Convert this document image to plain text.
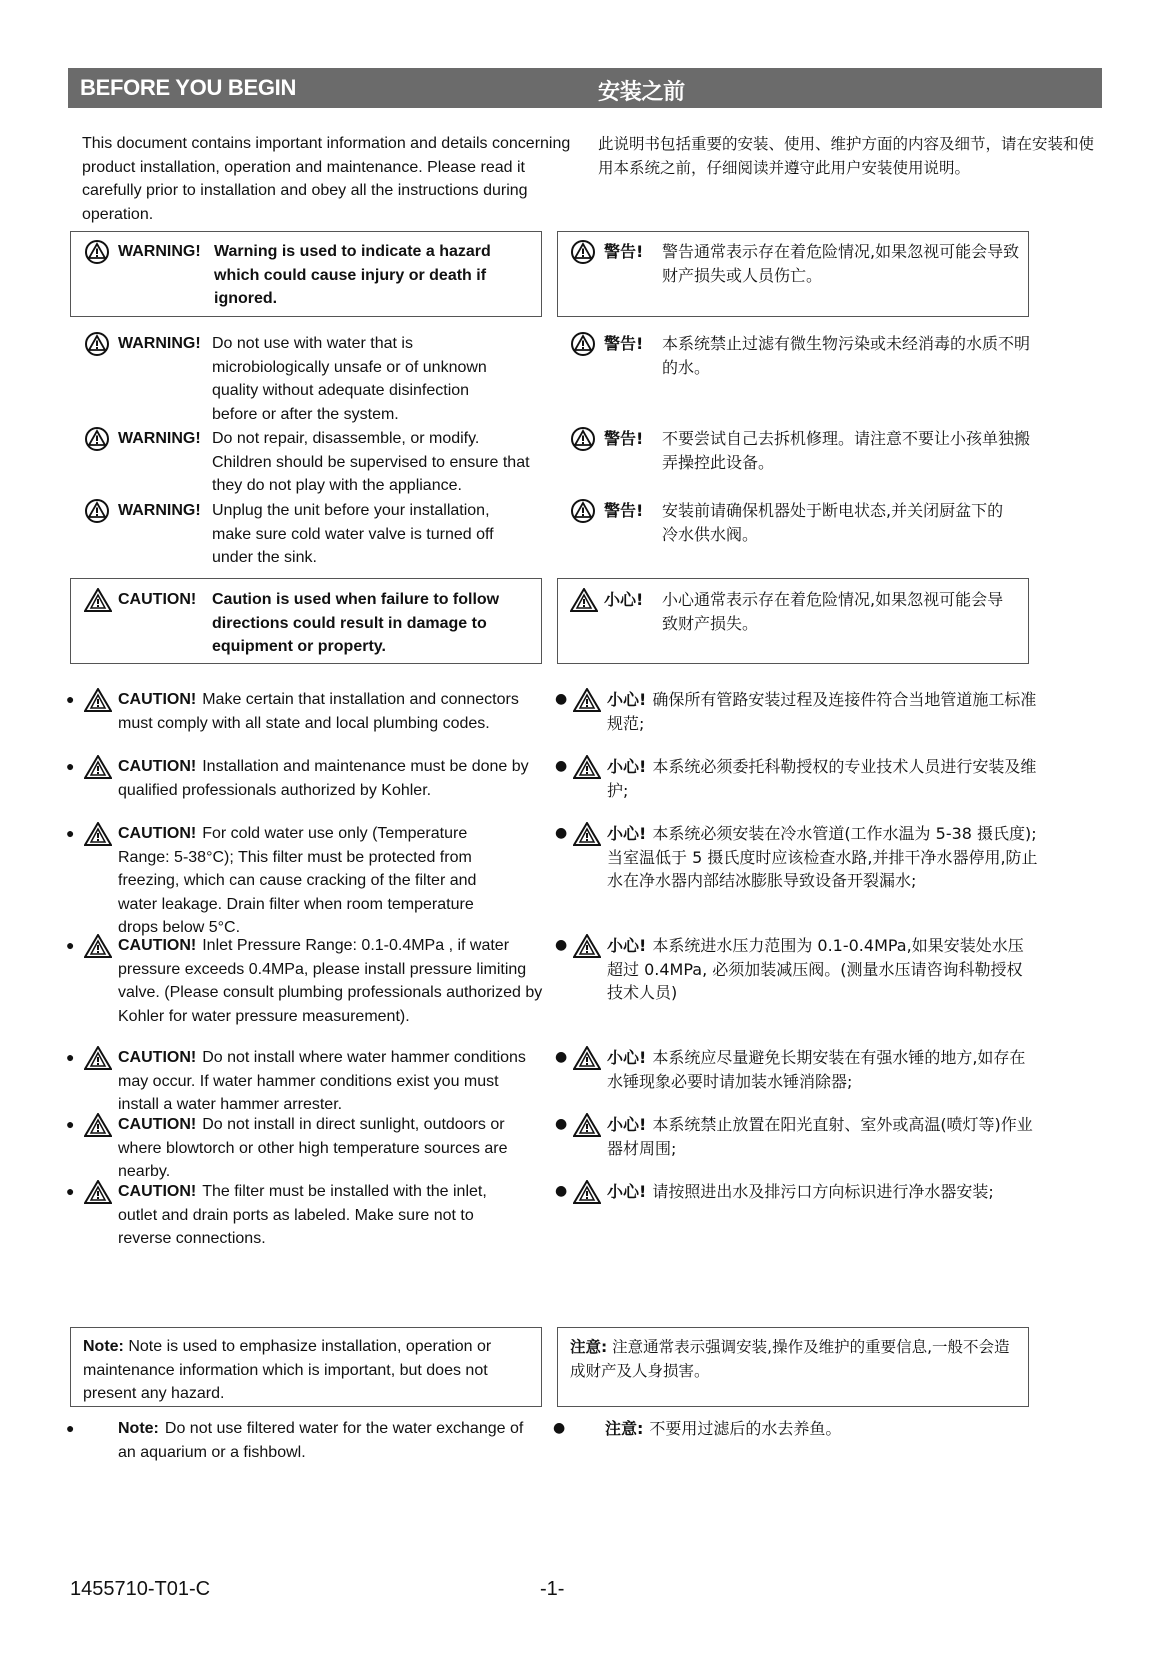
BEFORE YOU BEGIN	安装之前

This document contains important information and details concerning product installation, operation and maintenance. Please read it carefully prior to installation and obey all the instructions during operation.

此说明书包括重要的安装、使用、维护方面的内容及细节，请在安装和使用本系统之前，仔细阅读并遵守此用户安装使用说明。

WARNING! Warning is used to indicate a hazard which could cause injury or death if ignored.
警告! 警告通常表示存在着危险情况,如果忽视可能会导致财产损失或人员伤亡。
WARNING! Do not use with water that is microbiologically unsafe or of unknown quality without adequate disinfection before or after the system.
警告! 本系统禁止过滤有微生物污染或未经消毒的水质不明的水。
WARNING! Do not repair, disassemble, or modify. Children should be supervised to ensure that they do not play with the appliance.
警告! 不要尝试自己去拆机修理。请注意不要让小孩单独搬弄操控此设备。
WARNING! Unplug the unit before your installation, make sure cold water valve is turned off under the sink.
警告! 安装前请确保机器处于断电状态,并关闭厨盆下的冷水供水阀。
CAUTION! Caution is used when failure to follow directions could result in damage to equipment or property.
小心! 小心通常表示存在着危险情况,如果忽视可能会导致财产损失。
●	CAUTION! Make certain that installation and connectors must comply with all state and local plumbing codes.
●	CAUTION! Installation and maintenance must be done by qualified professionals authorized by Kohler.
●	CAUTION! For cold water use only (Temperature Range: 5-38°C); This filter must be protected from freezing, which can cause cracking of the filter and water leakage. Drain filter when room temperature drops below 5°C.
●	CAUTION! Inlet Pressure Range: 0.1-0.4MPa , if water pressure exceeds 0.4MPa, please install pressure limiting valve. (Please consult plumbing professionals authorized by Kohler for water pressure measurement).
●	CAUTION! Do not install where water hammer conditions may occur. If water hammer conditions exist you must install a water hammer arrester.
●	CAUTION! Do not install in direct sunlight, outdoors or where blowtorch or other high temperature sources are nearby.
●	CAUTION! The filter must be installed with the inlet, outlet and drain ports as labeled. Make sure not to reverse connections.
● 小心! 确保所有管路安装过程及连接件符合当地管道施工标准规范;
● 小心! 本系统必须委托科勒授权的专业技术人员进行安装及维护;
● 小心! 本系统必须安装在冷水管道(工作水温为 5-38 摄氏度);当室温低于 5 摄氏度时应该检查水路,并排干净水器停用,防止水在净水器内部结冰膨胀导致设备开裂漏水;
● 小心! 本系统进水压力范围为 0.1-0.4MPa,如果安装处水压超过 0.4MPa, 必须加装减压阀。(测量水压请咨询科勒授权技术人员)
● 小心! 本系统应尽量避免长期安装在有强水锤的地方,如存在水锤现象必要时请加装水锤消除器;
● 小心! 本系统禁止放置在阳光直射、室外或高温(喷灯等)作业器材周围;
● 小心! 请按照进出水及排污口方向标识进行净水器安装;

Note: Note is used to emphasize installation, operation or maintenance information which is important, but does not present any hazard.

注意: 注意通常表示强调安装,操作及维护的重要信息,一般不会造成财产及人身损害。

●	Note: Do not use filtered water for the water exchange of an aquarium or a fishbowl.
● 注意: 不要用过滤后的水去养鱼。
1455710-T01-C	-1-
